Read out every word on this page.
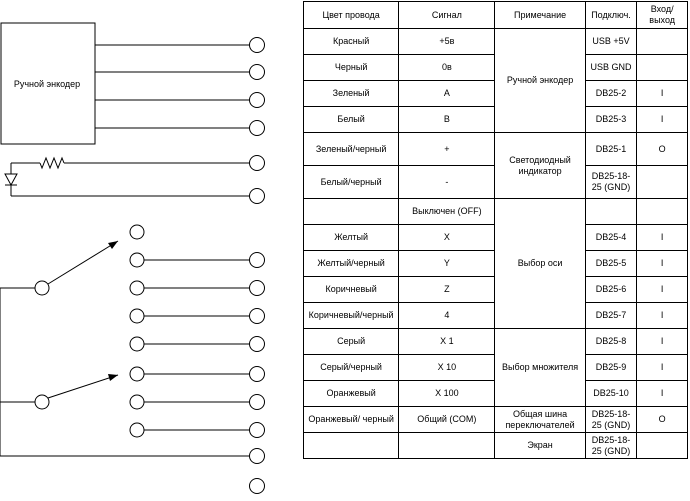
Ручной энкодер
Цвет провода	Сигнал	Примечание	Подключ.	Вход/ выход
Красный	+5в	Ручной энкодер	USB +5V	
Черный	0в		USB GND	
Зеленый	A		DB25-2	I
Белый	B		DB25-3	I
Зеленый/черный	+	Светодиодный индикатор	DB25-1	O
Белый/черный	-		DB25-18-25 (GND)	
	Выключен (OFF)	Выбор оси		
Желтый	X		DB25-4	I
Желтый/черный	Y		DB25-5	I
Коричневый	Z		DB25-6	I
Коричневый/черный	4		DB25-7	I
Серый	X 1	Выбор множителя	DB25-8	I
Серый/черный	X 10		DB25-9	I
Оранжевый	X 100		DB25-10	I
Оранжевый/ черный	Общий (COM)	Общая шина переключателей	DB25-18-25 (GND)	O
		Экран	DB25-18-25 (GND)	
